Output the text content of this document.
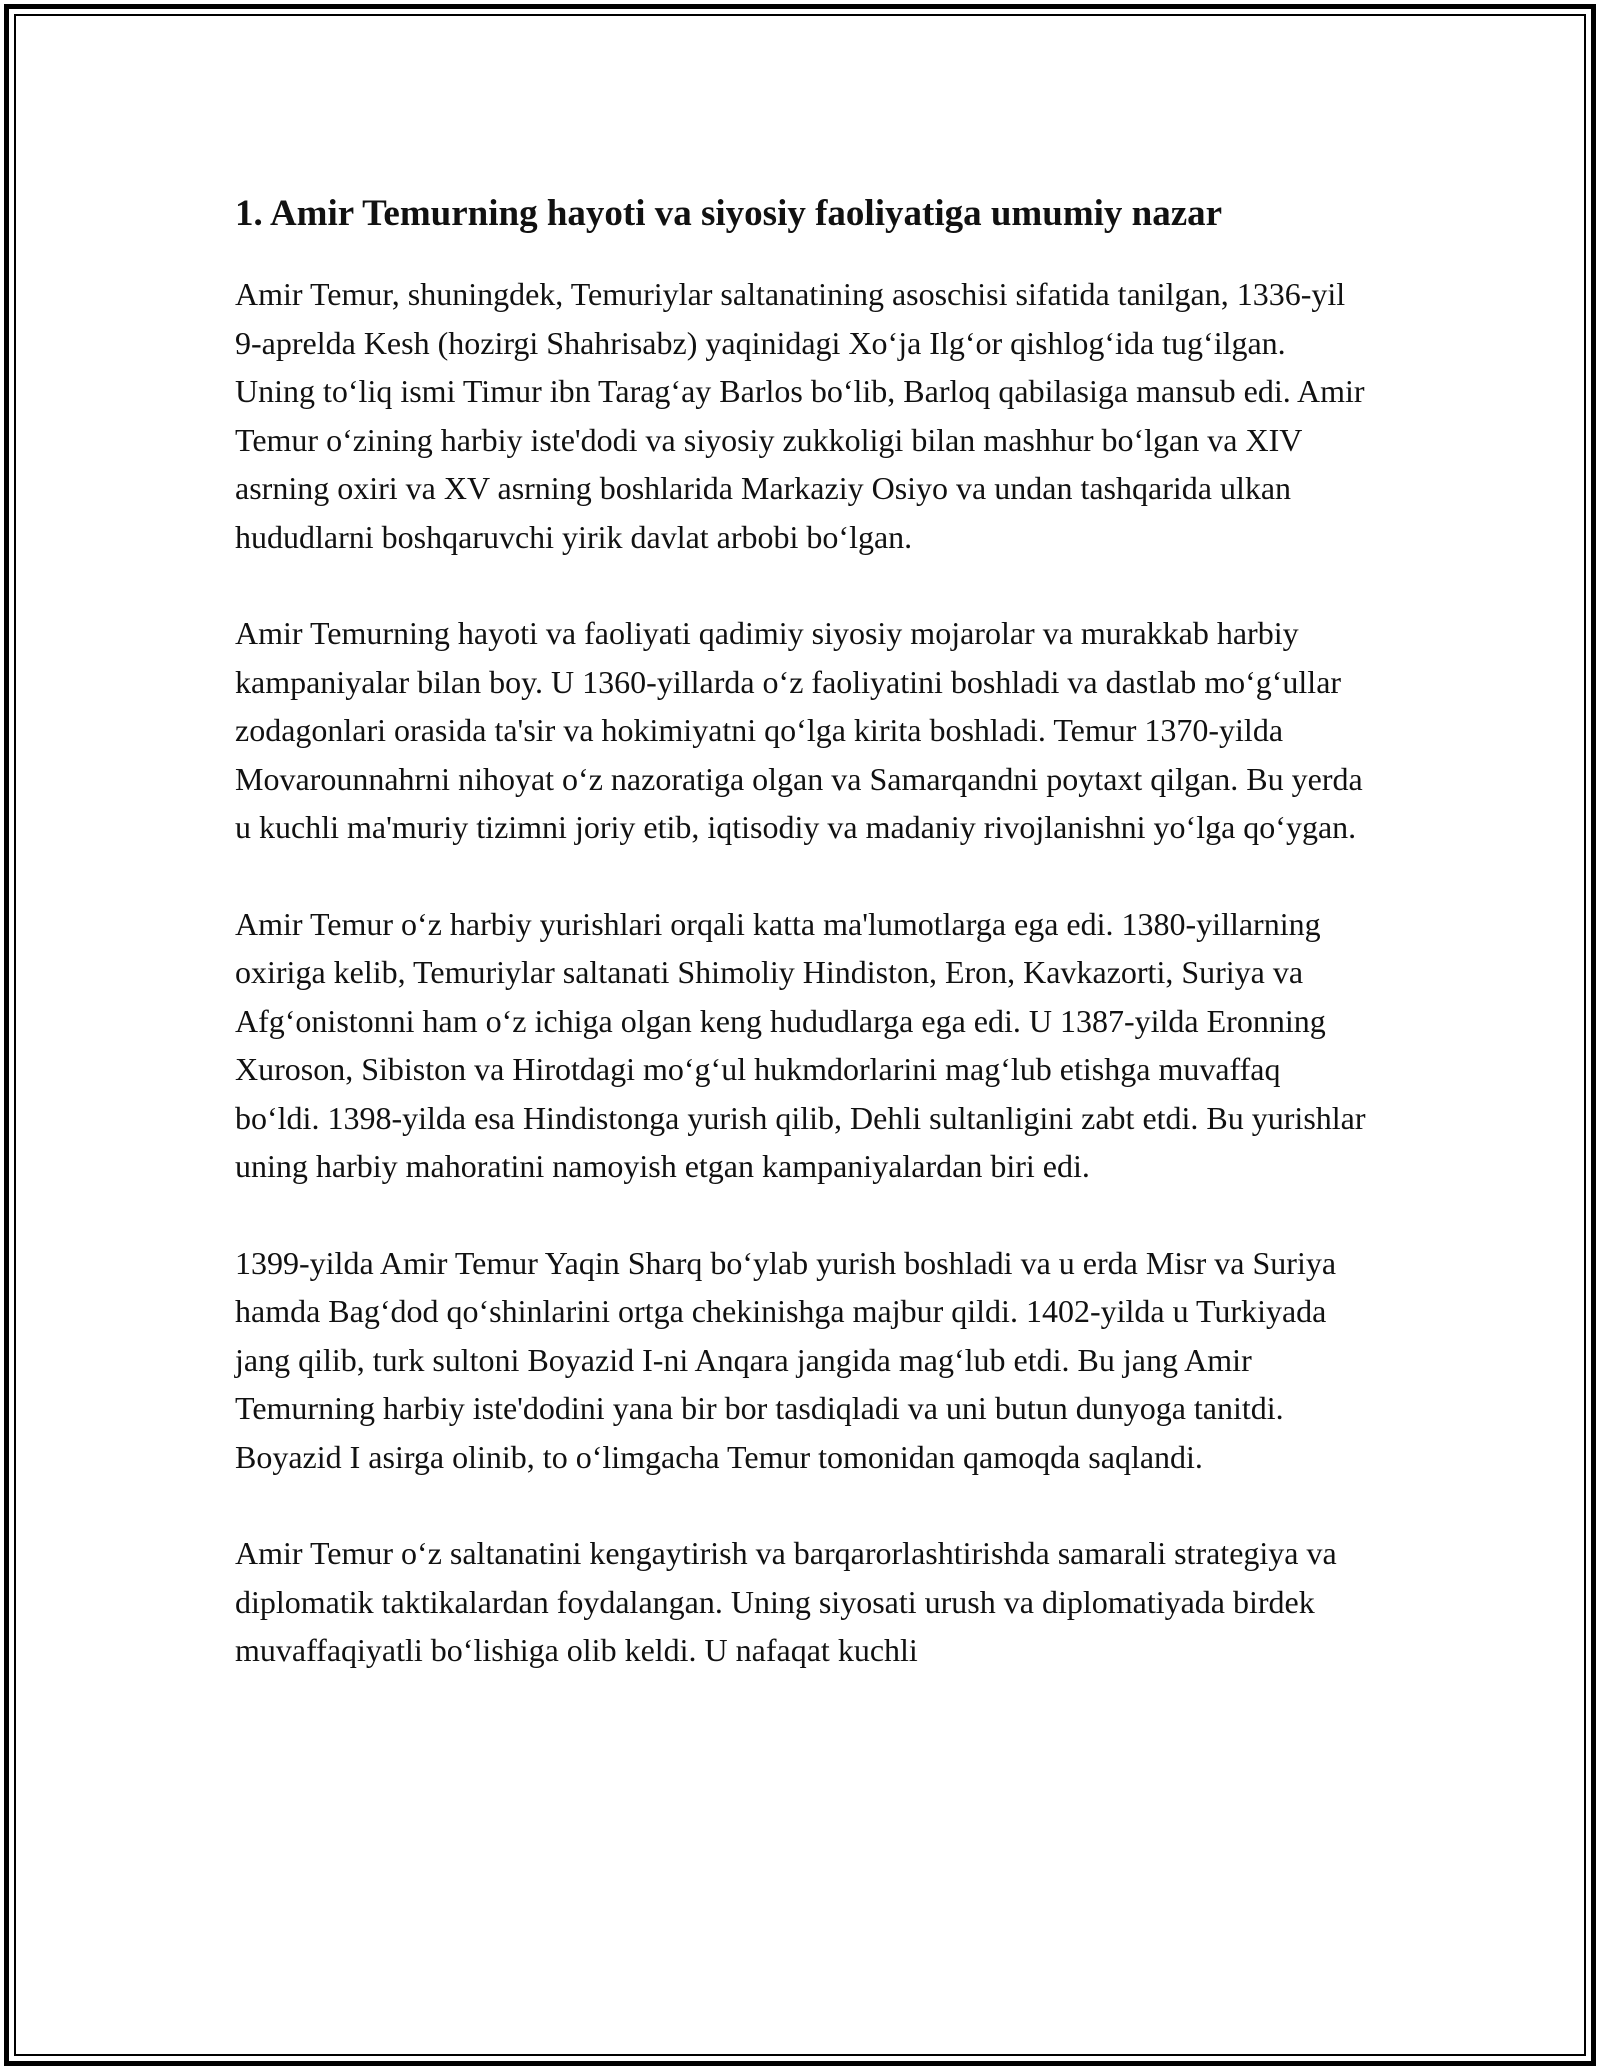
1. Amir Temurning hayoti va siyosiy faoliyatiga umumiy nazar

Amir Temur, shuningdek, Temuriylar saltanatining asoschisi sifatida tanilgan, 1336-yil 9-aprelda Kesh (hozirgi Shahrisabz) yaqinidagi Xoʻja Ilgʻor qishlogʻida tugʻilgan. Uning toʻliq ismi Timur ibn Taragʻay Barlos boʻlib, Barloq qabilasiga mansub edi. Amir Temur oʻzining harbiy iste'dodi va siyosiy zukkoligi bilan mashhur boʻlgan va XIV asrning oxiri va XV asrning boshlarida Markaziy Osiyo va undan tashqarida ulkan hududlarni boshqaruvchi yirik davlat arbobi boʻlgan.

Amir Temurning hayoti va faoliyati qadimiy siyosiy mojarolar va murakkab harbiy kampaniyalar bilan boy. U 1360-yillarda oʻz faoliyatini boshladi va dastlab moʻgʻullar zodagonlari orasida ta'sir va hokimiyatni qoʻlga kirita boshladi. Temur 1370-yilda Movarounnahrni nihoyat oʻz nazoratiga olgan va Samarqandni poytaxt qilgan. Bu yerda u kuchli ma'muriy tizimni joriy etib, iqtisodiy va madaniy rivojlanishni yoʻlga qoʻygan.

Amir Temur oʻz harbiy yurishlari orqali katta ma'lumotlarga ega edi. 1380-yillarning oxiriga kelib, Temuriylar saltanati Shimoliy Hindiston, Eron, Kavkazorti, Suriya va Afgʻonistonni ham oʻz ichiga olgan keng hududlarga ega edi. U 1387-yilda Eronning Xuroson, Sibiston va Hirotdagi moʻgʻul hukmdorlarini magʻlub etishga muvaffaq boʻldi. 1398-yilda esa Hindistonga yurish qilib, Dehli sultanligini zabt etdi. Bu yurishlar uning harbiy mahoratini namoyish etgan kampaniyalardan biri edi.

1399-yilda Amir Temur Yaqin Sharq boʻylab yurish boshladi va u erda Misr va Suriya hamda Bagʻdod qoʻshinlarini ortga chekinishga majbur qildi. 1402-yilda u Turkiyada jang qilib, turk sultoni Boyazid I-ni Anqara jangida magʻlub etdi. Bu jang Amir Temurning harbiy iste'dodini yana bir bor tasdiqladi va uni butun dunyoga tanitdi. Boyazid I asirga olinib, to oʻlimgacha Temur tomonidan qamoqda saqlandi.

Amir Temur oʻz saltanatini kengaytirish va barqarorlashtirishda samarali strategiya va diplomatik taktikalardan foydalangan. Uning siyosati urush va diplomatiyada birdek muvaffaqiyatli boʻlishiga olib keldi. U nafaqat kuchli
